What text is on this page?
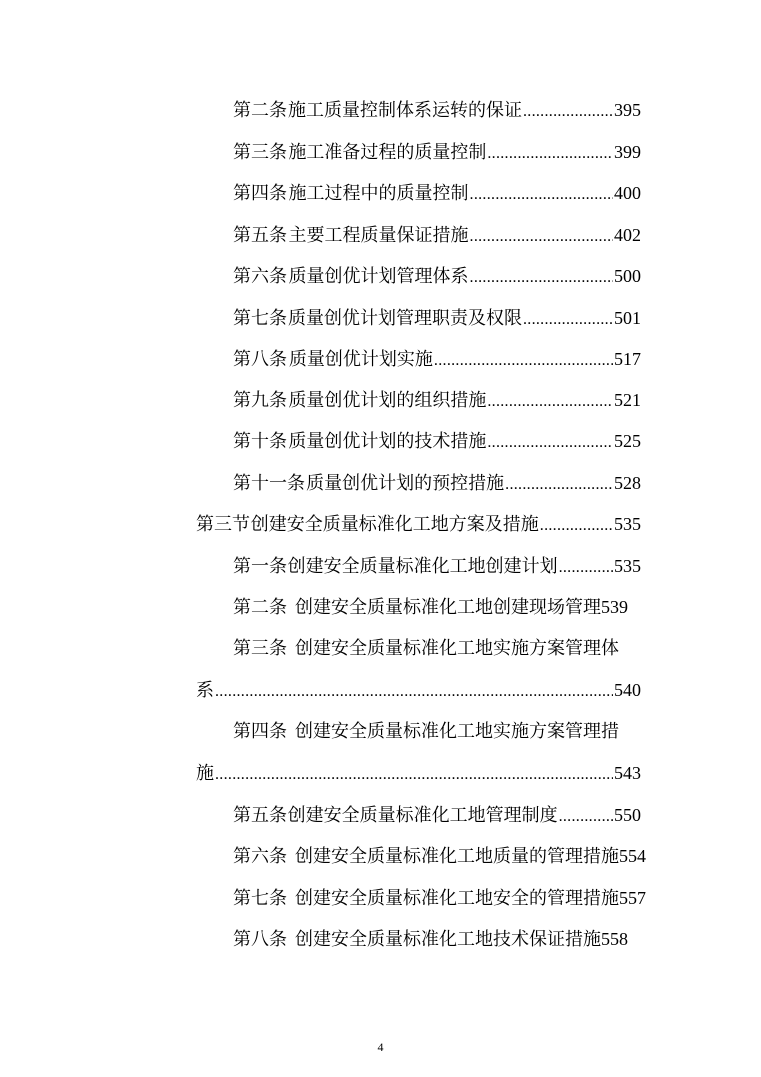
第二条 施工质量控制体系运转的保证 .....	395
第三条 施工准备过程的质量控制 .....	399
第四条 施工过程中的质量控制 .....	400
第五条 主要工程质量保证措施 .....	402
第六条 质量创优计划管理体系 .....	500
第七条 质量创优计划管理职责及权限 .....	501
第八条 质量创优计划实施 .....	517
第九条 质量创优计划的组织措施 .....	521
第十条 质量创优计划的技术措施 .....	525
第十一条 质量创优计划的预控措施 .....	528
第三节 创建安全质量标准化工地方案及措施 .....	535
第一条 创建安全质量标准化工地创建计划 .....	535
第二条 创建安全质量标准化工地创建现场管理 539
第三条 创建安全质量标准化工地实施方案管理体
系 .....	540
第四条 创建安全质量标准化工地实施方案管理措
施 .....	543
第五条 创建安全质量标准化工地管理制度 .....	550
第六条 创建安全质量标准化工地质量的管理措施 554
第七条 创建安全质量标准化工地安全的管理措施 557
第八条 创建安全质量标准化工地技术保证措施 558
4
